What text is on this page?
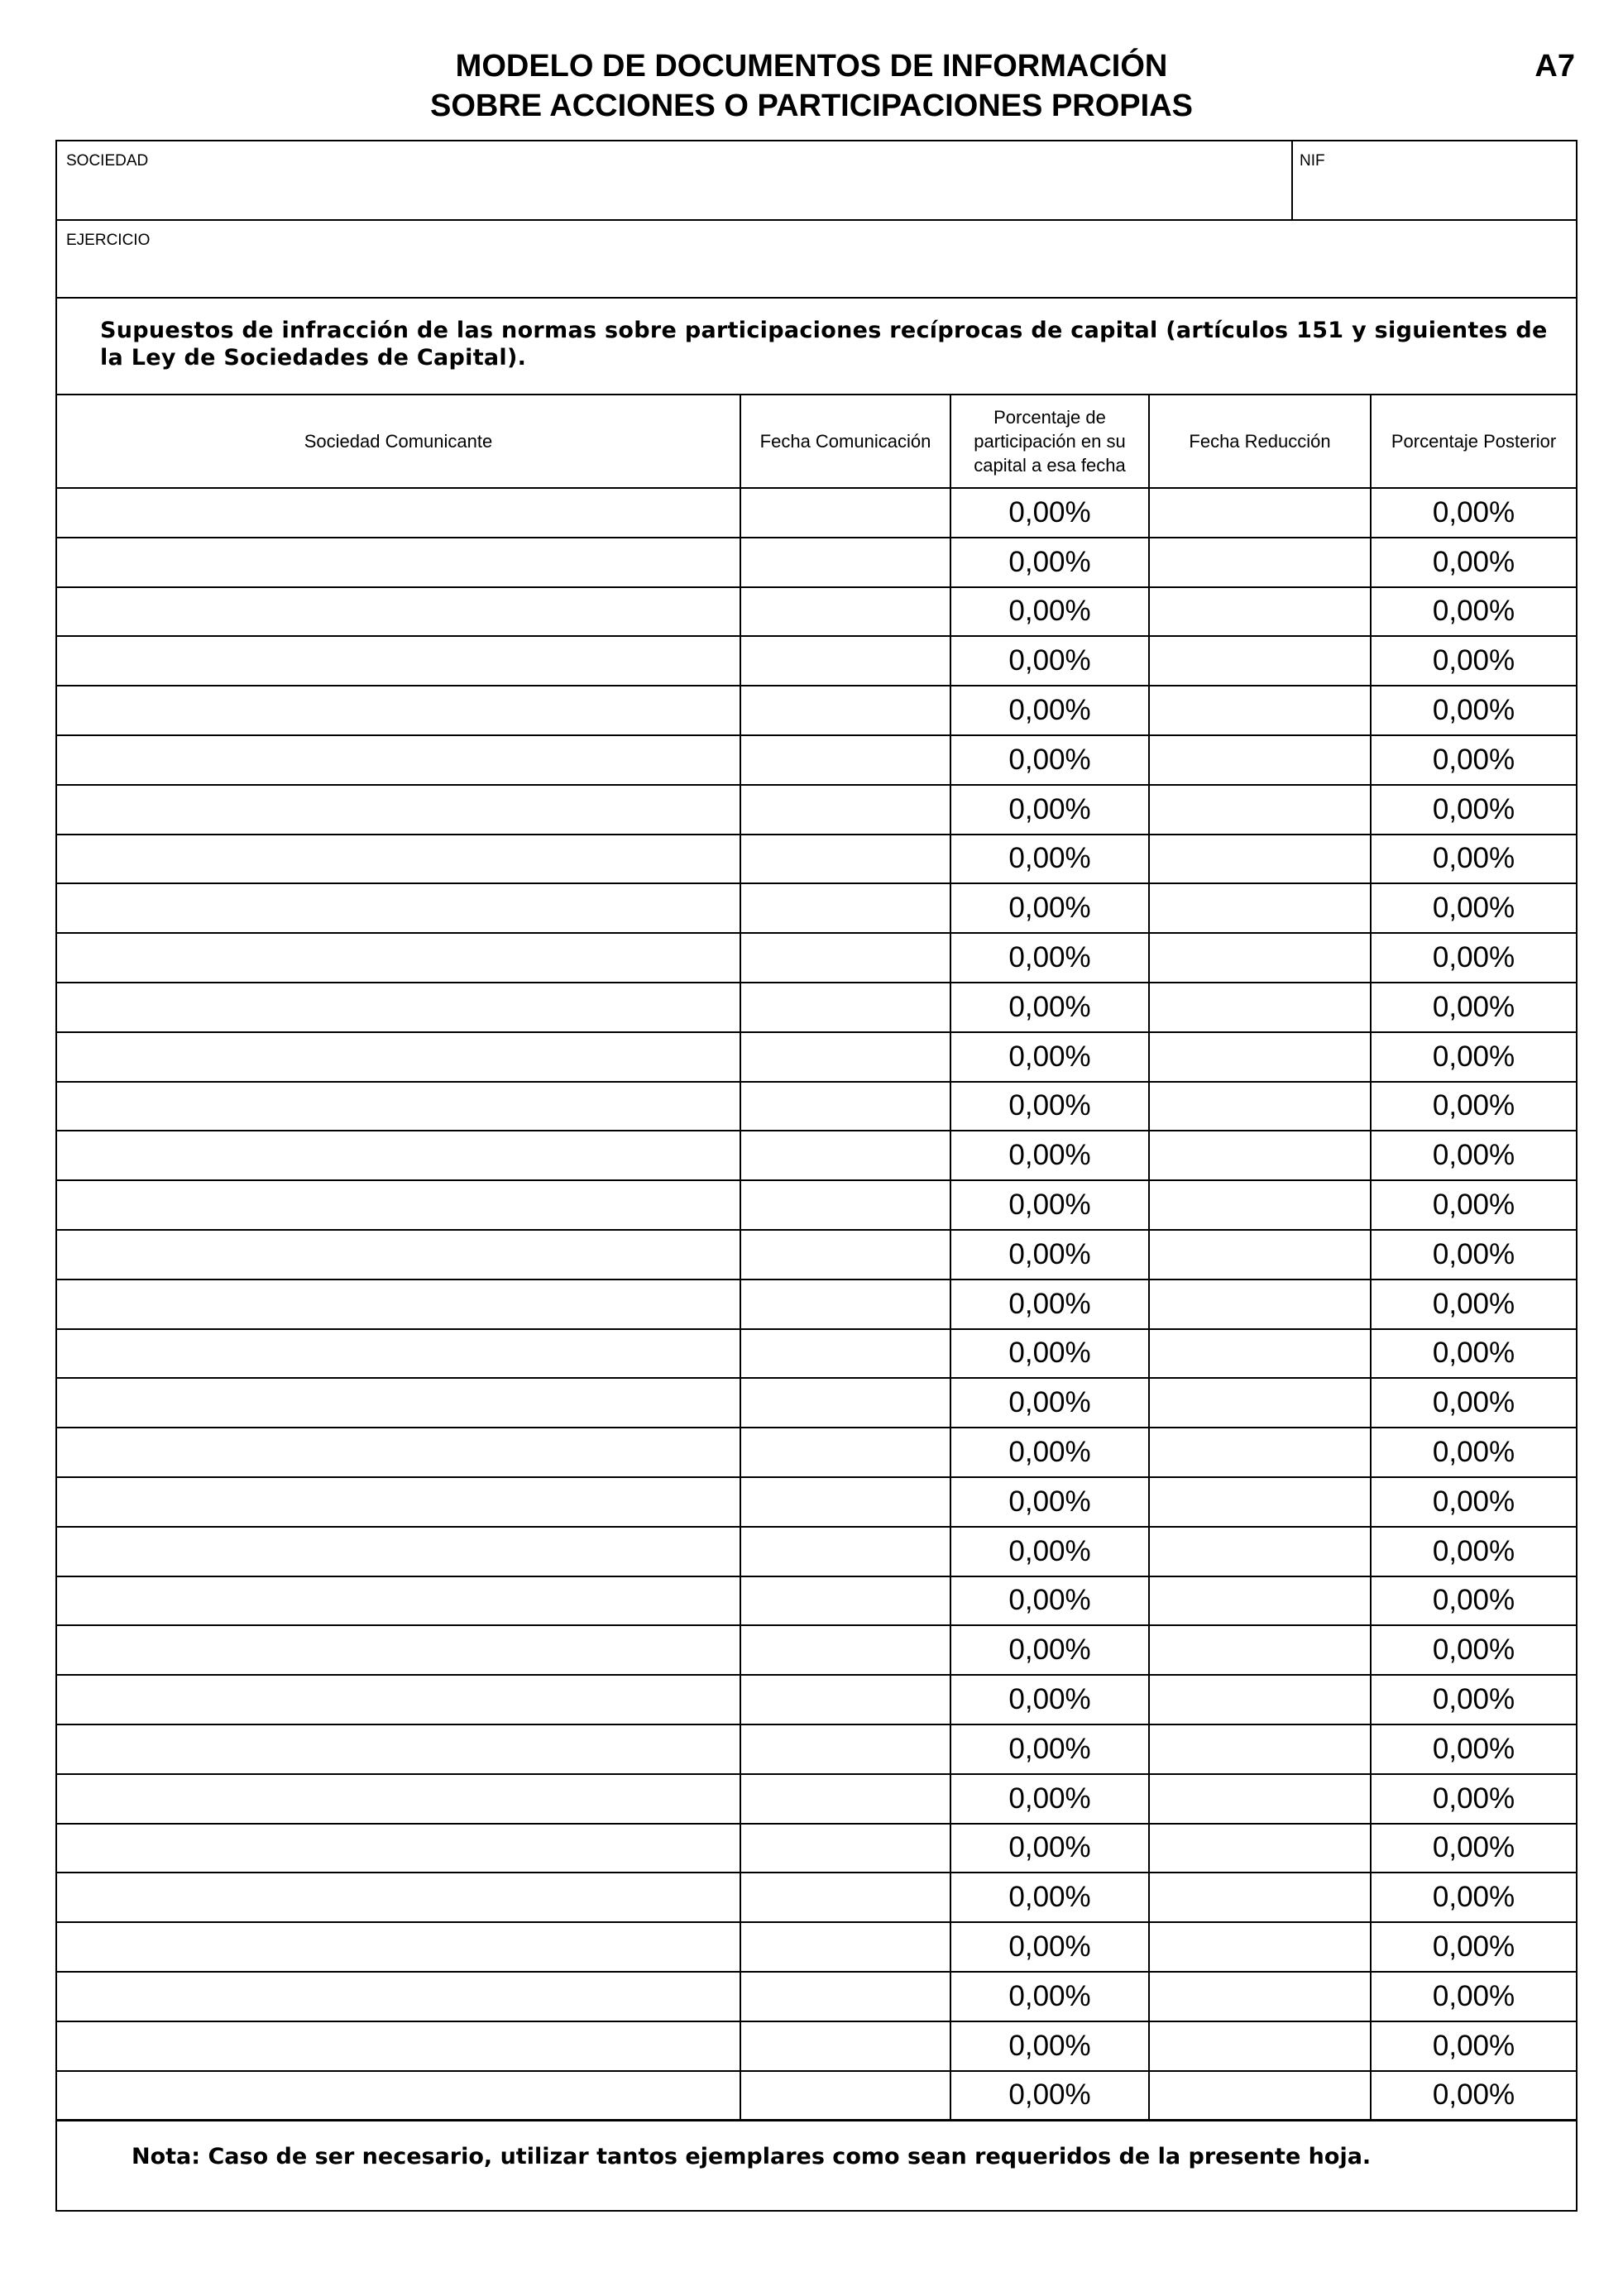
MODELO DE DOCUMENTOS DE INFORMACIÓN
SOBRE ACCIONES O PARTICIPACIONES PROPIAS
A7
SOCIEDAD	NIF
EJERCICIO
Supuestos de infracción de las normas sobre participaciones recíprocas de capital (artículos 151 y siguientes de la Ley de Sociedades de Capital).
Sociedad Comunicante	Fecha Comunicación	Porcentaje de participación en su capital a esa fecha	Fecha Reducción	Porcentaje Posterior
		0,00%		0,00%
		0,00%		0,00%
		0,00%		0,00%
		0,00%		0,00%
		0,00%		0,00%
		0,00%		0,00%
		0,00%		0,00%
		0,00%		0,00%
		0,00%		0,00%
		0,00%		0,00%
		0,00%		0,00%
		0,00%		0,00%
		0,00%		0,00%
		0,00%		0,00%
		0,00%		0,00%
		0,00%		0,00%
		0,00%		0,00%
		0,00%		0,00%
		0,00%		0,00%
		0,00%		0,00%
		0,00%		0,00%
		0,00%		0,00%
		0,00%		0,00%
		0,00%		0,00%
		0,00%		0,00%
		0,00%		0,00%
		0,00%		0,00%
		0,00%		0,00%
		0,00%		0,00%
		0,00%		0,00%
		0,00%		0,00%
		0,00%		0,00%
		0,00%		0,00%
Nota: Caso de ser necesario, utilizar tantos ejemplares como sean requeridos de la presente hoja.
